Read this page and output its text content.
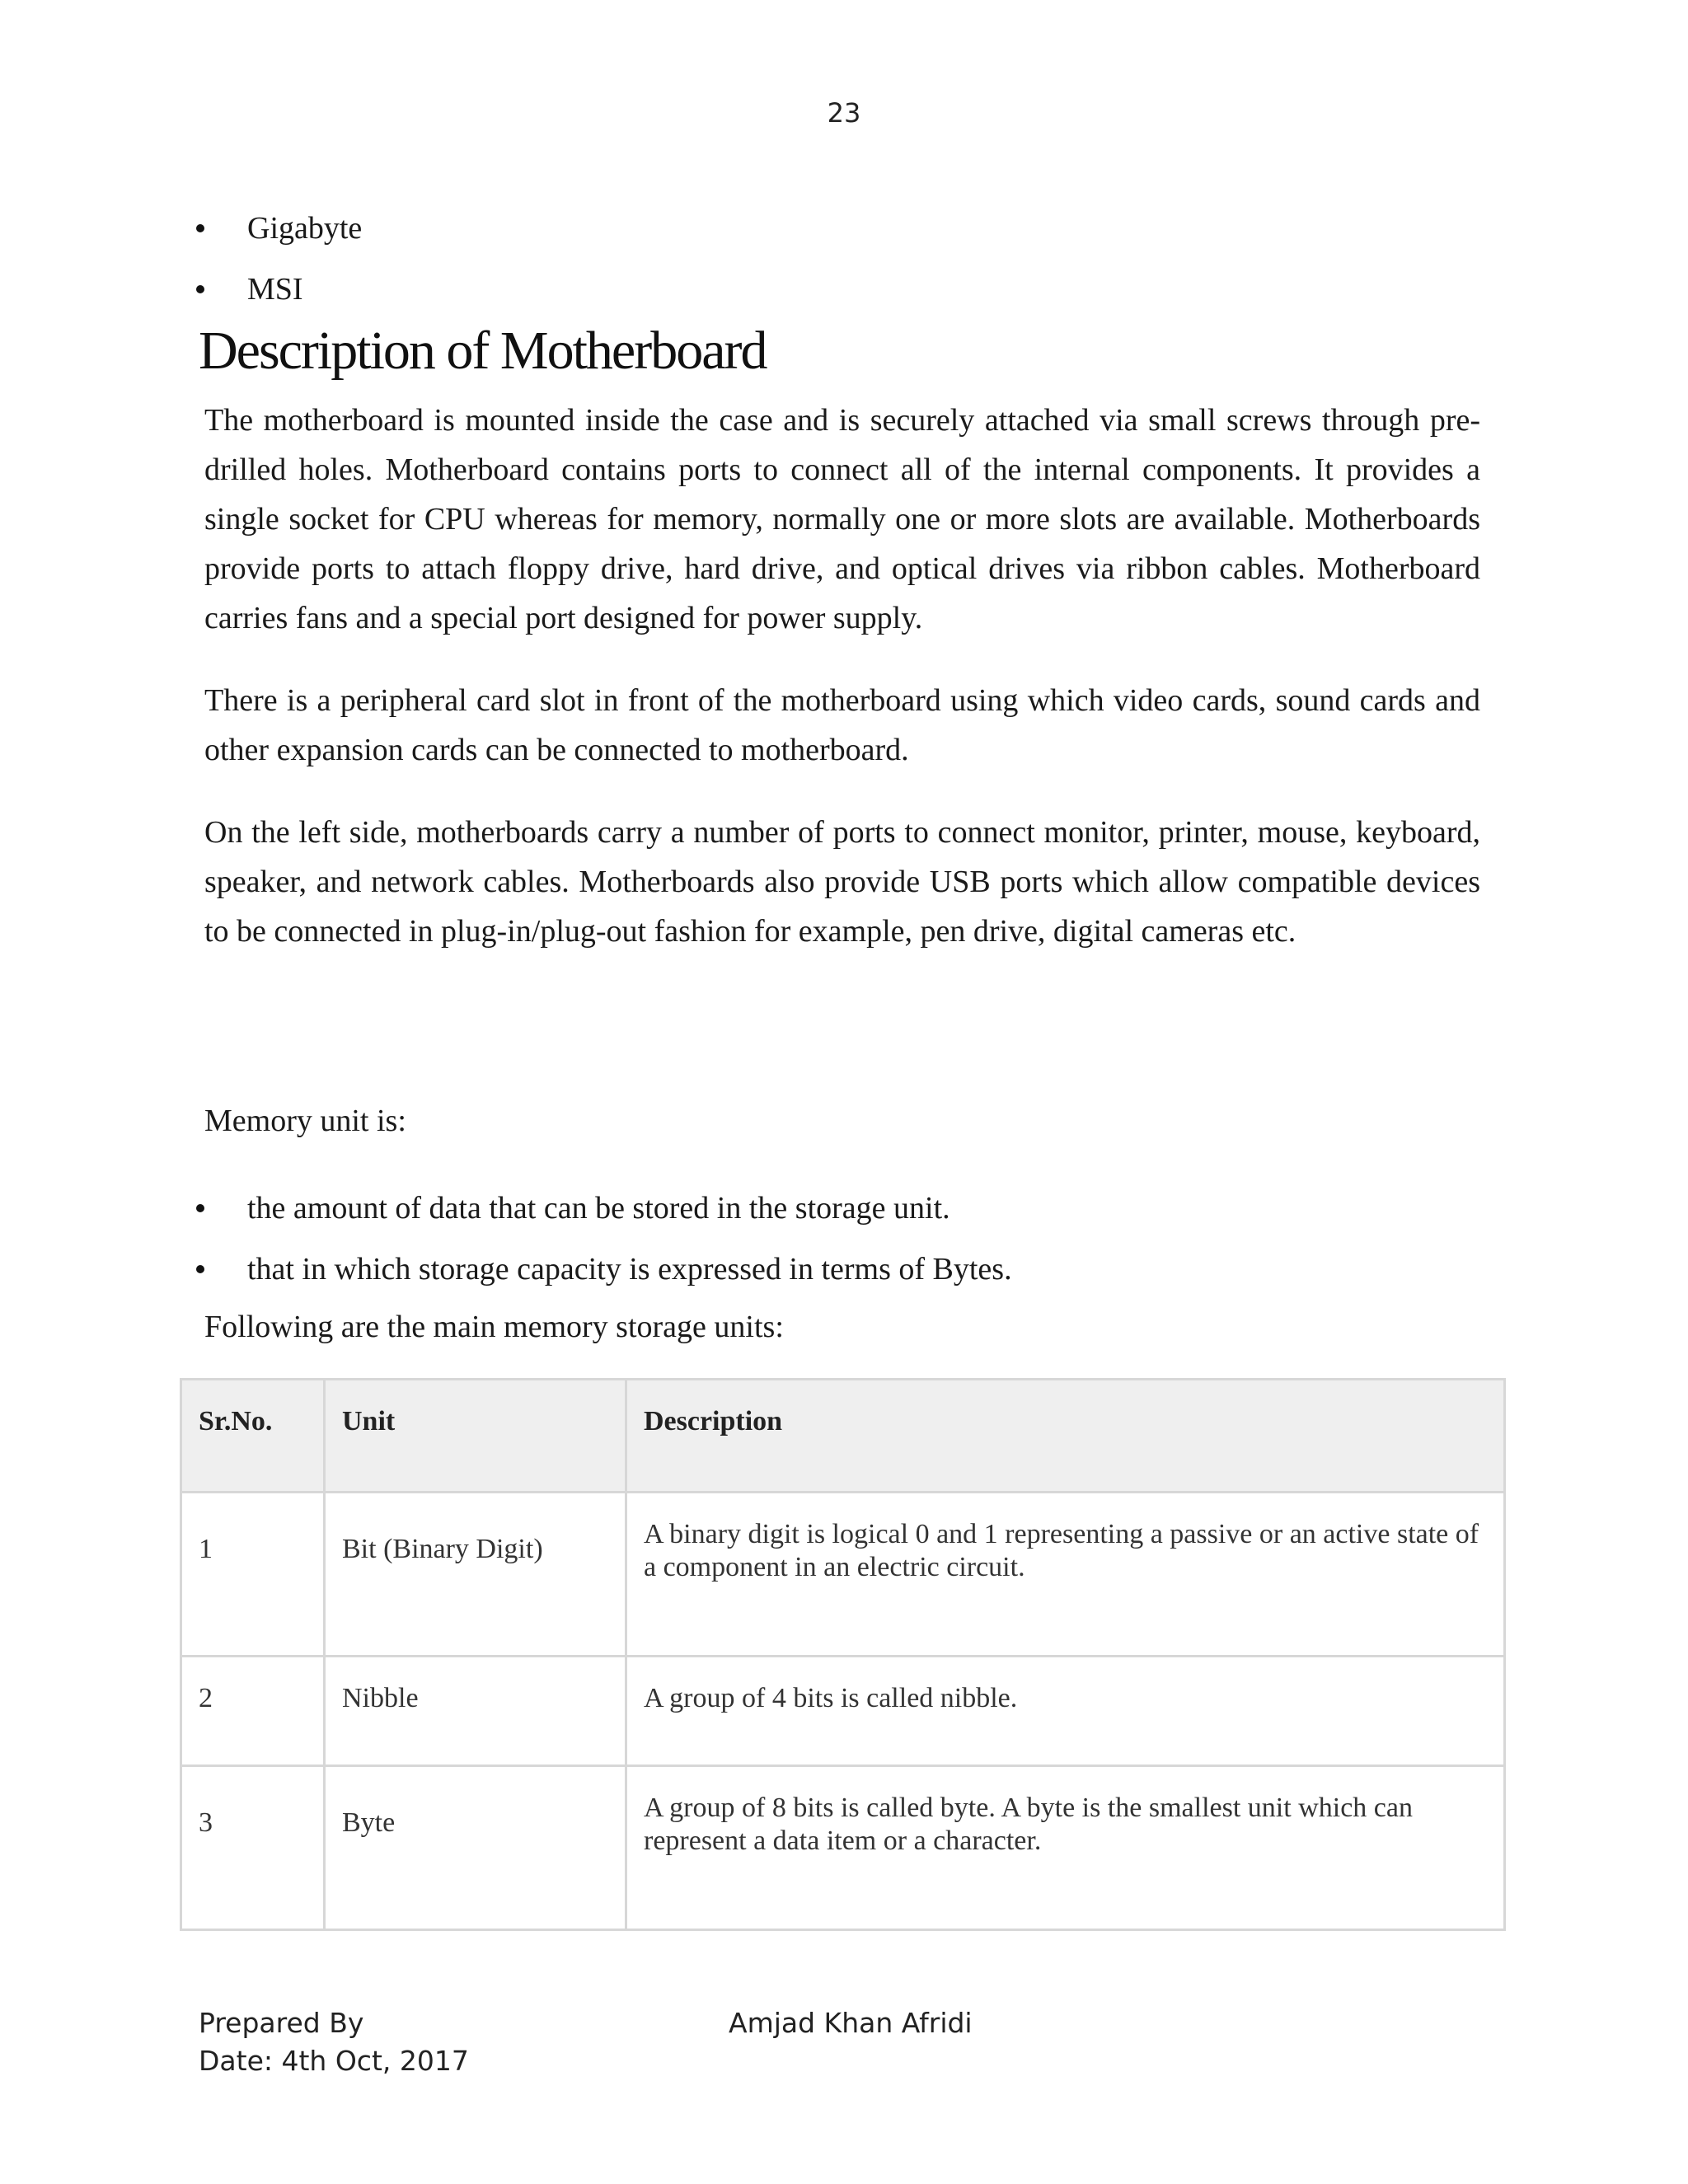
23
Gigabyte
MSI
Description of Motherboard

The motherboard is mounted inside the case and is securely attached via small screws through pre-drilled holes. Motherboard contains ports to connect all of the internal components. It provides a single socket for CPU whereas for memory, normally one or more slots are available. Motherboards provide ports to attach floppy drive, hard drive, and optical drives via ribbon cables. Motherboard carries fans and a special port designed for power supply.

There is a peripheral card slot in front of the motherboard using which video cards, sound cards and other expansion cards can be connected to motherboard.

On the left side, motherboards carry a number of ports to connect monitor, printer, mouse, keyboard, speaker, and network cables. Motherboards also provide USB ports which allow compatible devices to be connected in plug-in/plug-out fashion for example, pen drive, digital cameras etc.

Memory unit is:

the amount of data that can be stored in the storage unit.
that in which storage capacity is expressed in terms of Bytes.

Following are the main memory storage units:

Sr.No.	Unit	Description
1	Bit (Binary Digit)	A binary digit is logical 0 and 1 representing a passive or an active state of a component in an electric circuit.
2	Nibble	A group of 4 bits is called nibble.
3	Byte	A group of 8 bits is called byte. A byte is the smallest unit which can represent a data item or a character.
Prepared By
Date: 4th Oct, 2017
Amjad Khan Afridi
